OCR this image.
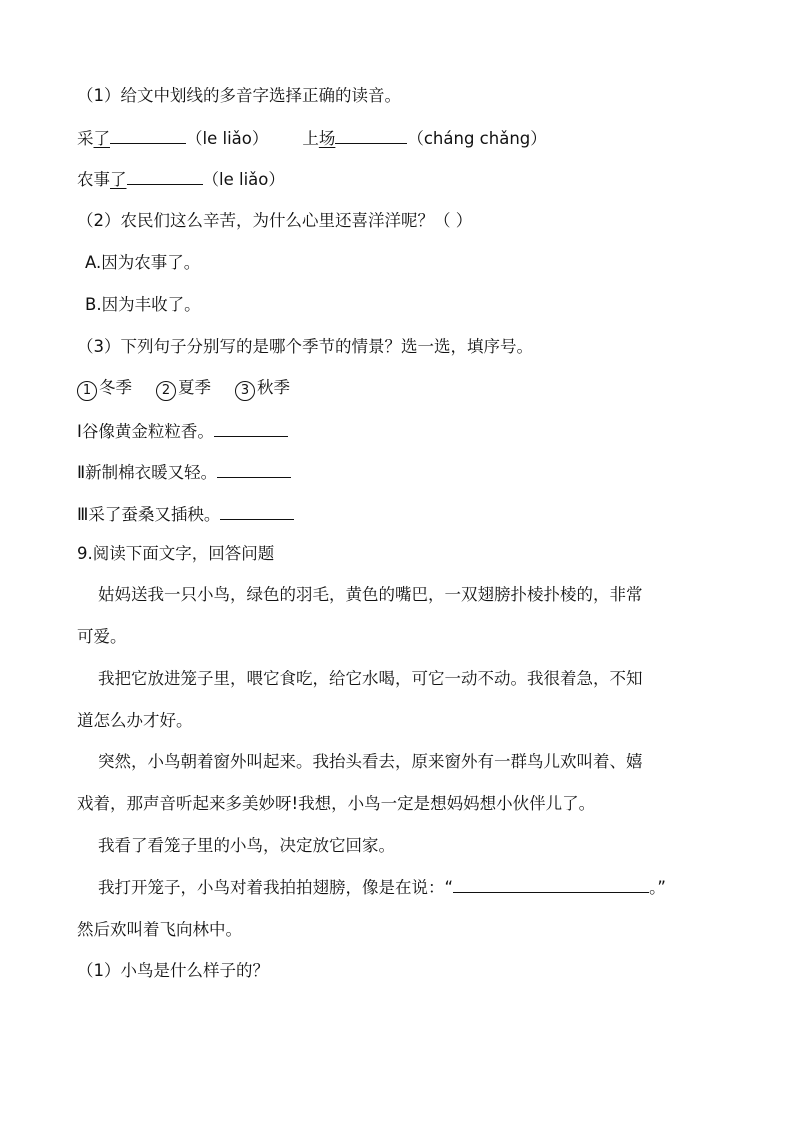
（1）给文中划线的多音字选择正确的读音。
采了	（le liǎo） 上场	（cháng chǎng）
农事了	（le liǎo）
（2）农民们这么辛苦，为什么心里还喜洋洋呢？（ ）
A.因为农事了。
B.因为丰收了。
（3）下列句子分别写的是哪个季节的情景？选一选，填序号。
1 冬季 2 夏季 3 秋季
Ⅰ谷像黄金粒粒香。
Ⅱ新制棉衣暖又轻。
Ⅲ采了蚕桑又插秧。
9.阅读下面文字，回答问题
姑妈送我一只小鸟，绿色的羽毛，黄色的嘴巴，一双翅膀扑棱扑棱的，非常
可爱。
我把它放进笼子里，喂它食吃，给它水喝，可它一动不动。我很着急，不知
道怎么办才好。
突然，小鸟朝着窗外叫起来。我抬头看去，原来窗外有一群鸟儿欢叫着、嬉
戏着，那声音听起来多美妙呀!我想，小鸟一定是想妈妈想小伙伴儿了。
我看了看笼子里的小鸟，决定放它回家。
我打开笼子，小鸟对着我拍拍翅膀，像是在说：“	。”
然后欢叫着飞向林中。
（1）小鸟是什么样子的？
